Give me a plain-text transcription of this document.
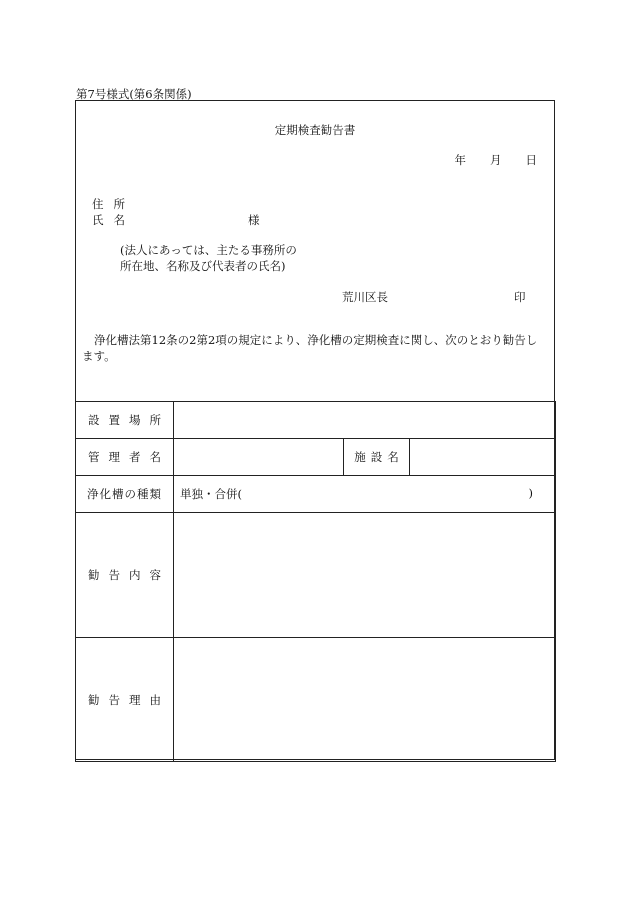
第7号様式(第6条関係)
定期検査勧告書
年 月 日
住所
氏名	様
(法人にあっては、主たる事務所の
所在地、名称及び代表者の氏名)
荒川区長	印
浄化槽法第12条の2第2項の規定により、浄化槽の定期検査に関し、次のとおり勧告します。
設置場所			
管理者名		施設名	
浄化槽の種類	単独・合併( )		

勧告内容			
勧告理由			
